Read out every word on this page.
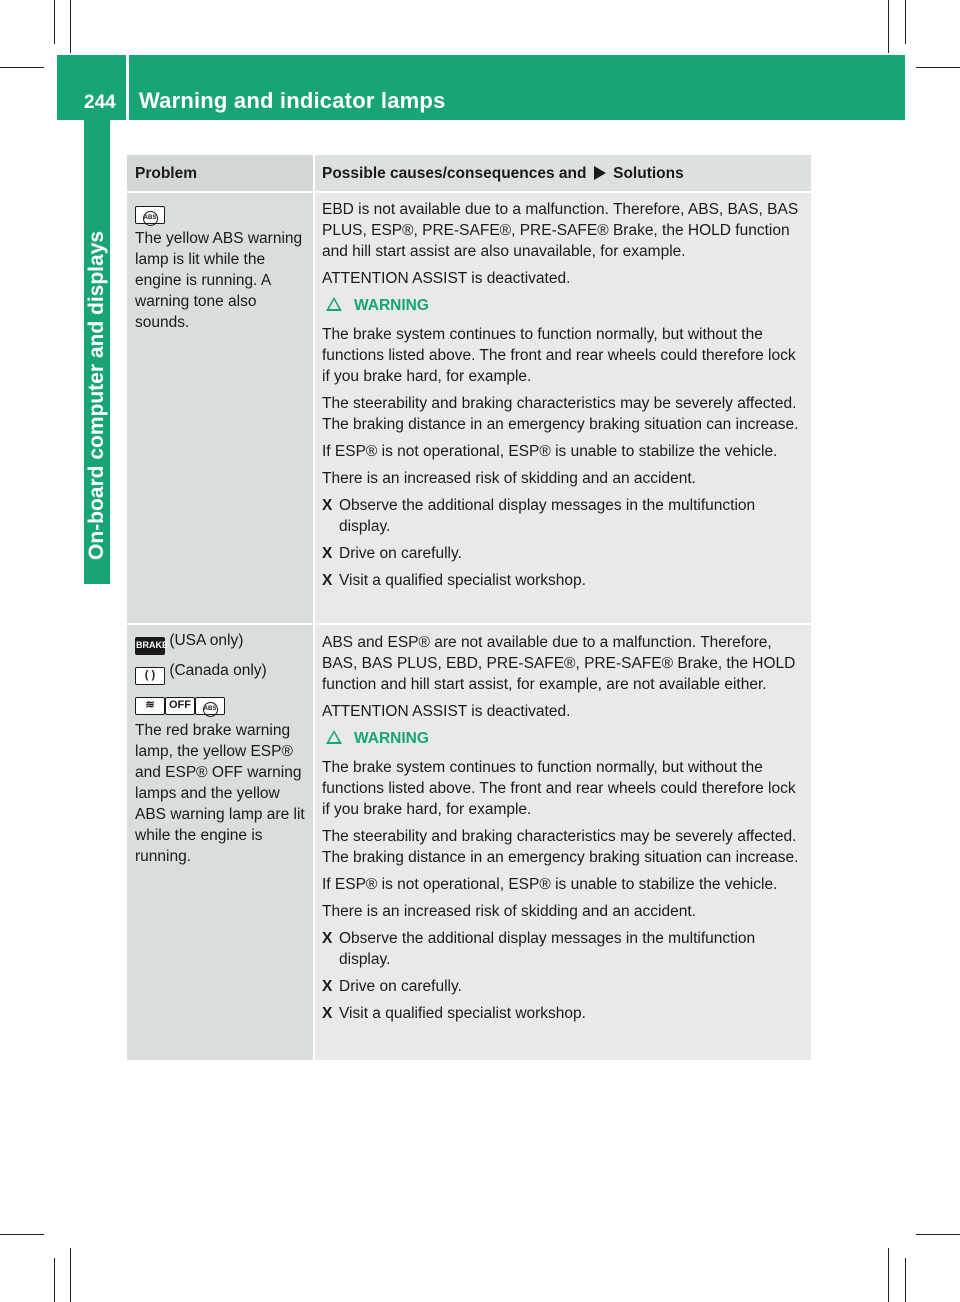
244 Warning and indicator lamps
On-board computer and displays
Problem	Possible causes/consequences and Solutions
ABS
The yellow ABS warning lamp is lit while the engine is running. A warning tone also sounds.

EBD is not available due to a malfunction. Therefore, ABS, BAS, BAS PLUS, ESP®, PRE-SAFE®, PRE-SAFE® Brake, the HOLD function and hill start assist are also unavailable, for example.

ATTENTION ASSIST is deactivated.

WARNING

The brake system continues to function normally, but without the functions listed above. The front and rear wheels could therefore lock if you brake hard, for example.

The steerability and braking characteristics may be severely affected. The braking distance in an emergency braking situation can increase.

If ESP® is not operational, ESP® is unable to stabilize the vehicle.

There is an increased risk of skidding and an accident.

X Observe the additional display messages in the multifunction display.
X Drive on carefully.
X Visit a qualified specialist workshop.
BRAKE (USA only)
( ) (Canada only)
≋ OFF ABS
The red brake warning lamp, the yellow ESP® and ESP® OFF warning lamps and the yellow ABS warning lamp are lit while the engine is running.

ABS and ESP® are not available due to a malfunction. Therefore, BAS, BAS PLUS, EBD, PRE-SAFE®, PRE-SAFE® Brake, the HOLD function and hill start assist, for example, are not available either.

ATTENTION ASSIST is deactivated.

WARNING

The brake system continues to function normally, but without the functions listed above. The front and rear wheels could therefore lock if you brake hard, for example.

The steerability and braking characteristics may be severely affected. The braking distance in an emergency braking situation can increase.

If ESP® is not operational, ESP® is unable to stabilize the vehicle.

There is an increased risk of skidding and an accident.

X Observe the additional display messages in the multifunction display.
X Drive on carefully.
X Visit a qualified specialist workshop.
